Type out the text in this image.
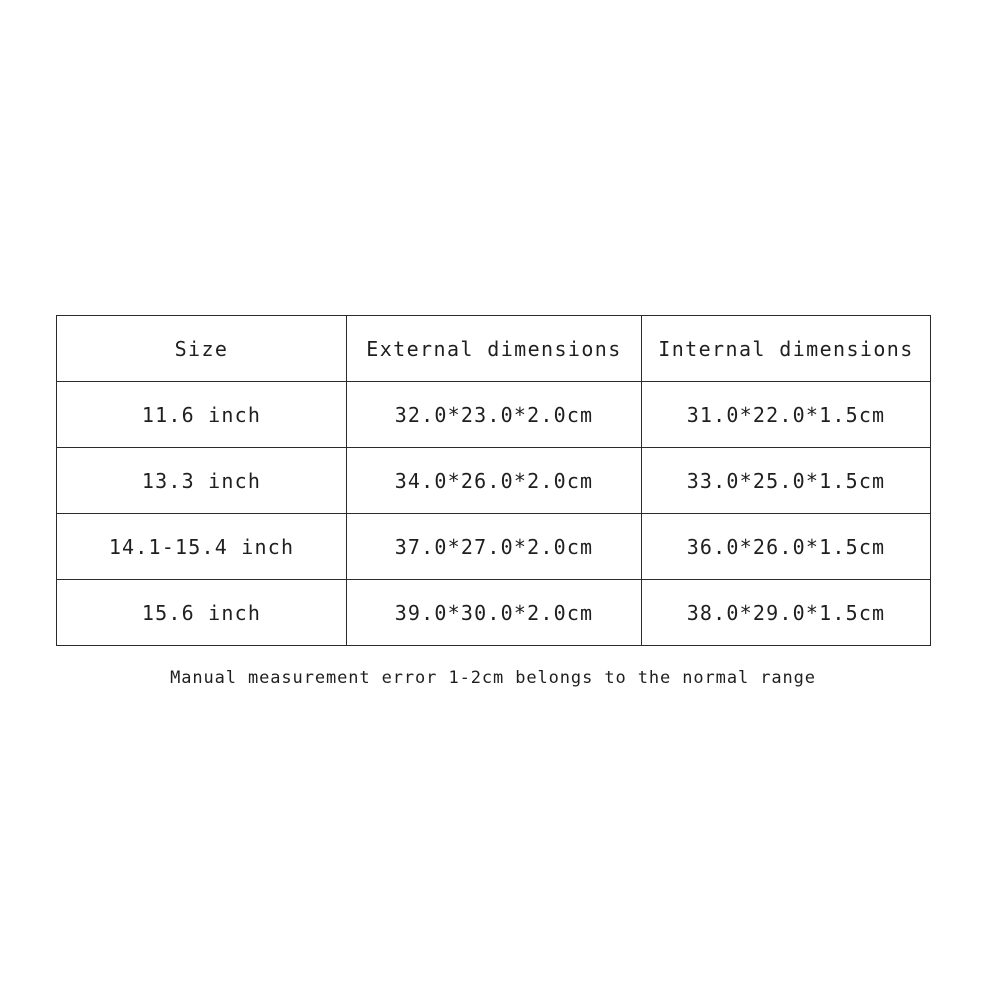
Size	External dimensions	Internal dimensions
11.6 inch	32.0*23.0*2.0cm	31.0*22.0*1.5cm
13.3 inch	34.0*26.0*2.0cm	33.0*25.0*1.5cm
14.1-15.4 inch	37.0*27.0*2.0cm	36.0*26.0*1.5cm
15.6 inch	39.0*30.0*2.0cm	38.0*29.0*1.5cm
Manual measurement error 1-2cm belongs to the normal range
